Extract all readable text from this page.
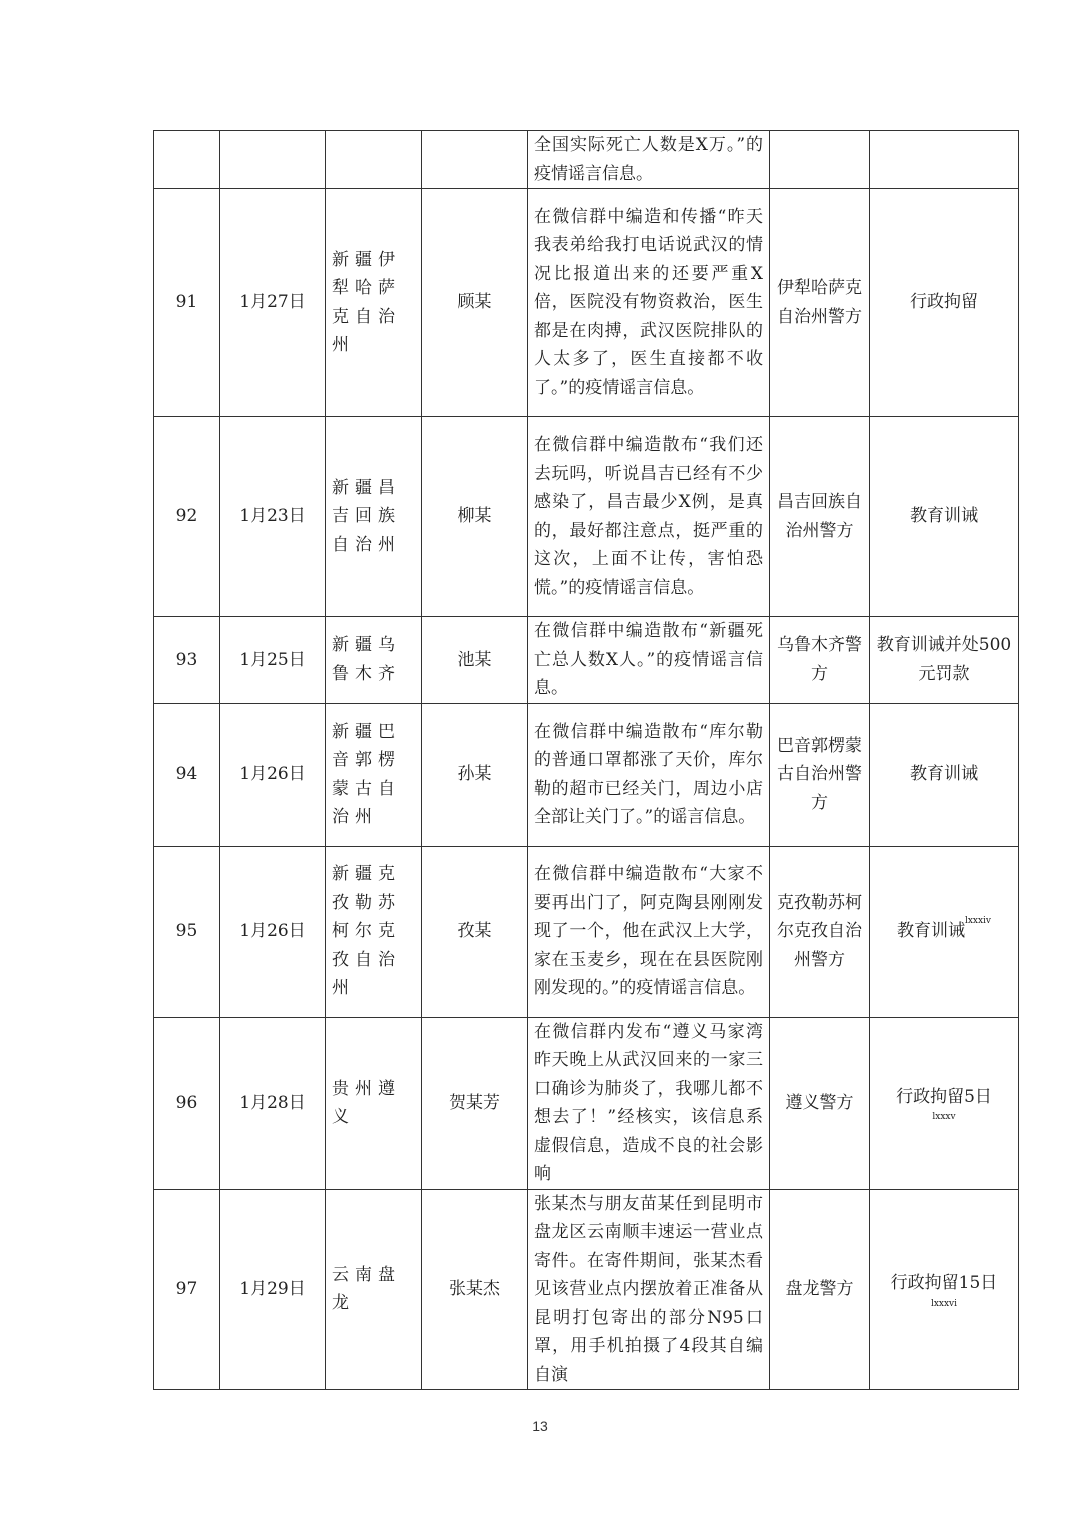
				全国实际死亡人数是X万。”的疫情谣言信息。		
91	1月27日	新疆伊犁哈萨克自治州	顾某	在微信群中编造和传播“昨天我表弟给我打电话说武汉的情况比报道出来的还要严重X倍，医院没有物资救治，医生都是在肉搏，武汉医院排队的人太多了，医生直接都不收了。”的疫情谣言信息。	伊犁哈萨克自治州警方	行政拘留
92	1月23日	新疆昌吉回族自治州	柳某	在微信群中编造散布“我们还去玩吗，听说昌吉已经有不少感染了，昌吉最少X例，是真的，最好都注意点，挺严重的这次，上面不让传，害怕恐慌。”的疫情谣言信息。	昌吉回族自治州警方	教育训诫
93	1月25日	新疆乌鲁木齐	池某	在微信群中编造散布“新疆死亡总人数X人。”的疫情谣言信息。	乌鲁木齐警方	教育训诫并处500元罚款
94	1月26日	新疆巴音郭楞蒙古自治州	孙某	在微信群中编造散布“库尔勒的普通口罩都涨了天价，库尔勒的超市已经关门，周边小店全部让关门了。”的谣言信息。	巴音郭楞蒙古自治州警方	教育训诫
95	1月26日	新疆克孜勒苏柯尔克孜自治州	孜某	在微信群中编造散布“大家不要再出门了，阿克陶县刚刚发现了一个，他在武汉上大学，家在玉麦乡，现在在县医院刚刚发现的。”的疫情谣言信息。	克孜勒苏柯尔克孜自治州警方	教育训诫$^{lxxxiv}$
96	1月28日	贵州遵义	贺某芳	在微信群内发布“遵义马家湾昨天晚上从武汉回来的一家三口确诊为肺炎了，我哪儿都不想去了！”经核实，该信息系虚假信息，造成不良的社会影响	遵义警方	行政拘留5日
lxxxv

97	1月29日	云南盘龙	张某杰	张某杰与朋友苗某任到昆明市盘龙区云南顺丰速运一营业点寄件。在寄件期间，张某杰看见该营业点内摆放着正准备从昆明打包寄出的部分N95口罩，用手机拍摄了4段其自编自演	盘龙警方	行政拘留15日
lxxxvi
13
